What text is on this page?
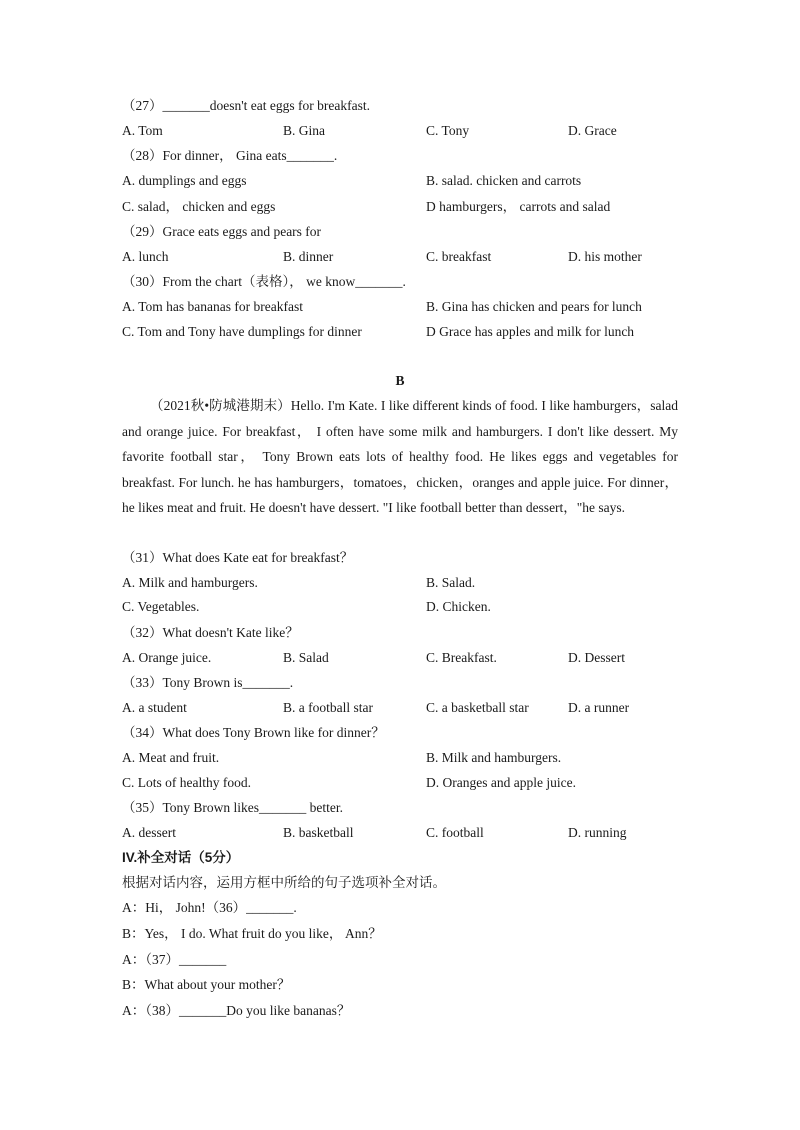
（27）_______doesn't eat eggs for breakfast.
A. Tom	B. Gina	C. Tony	D. Grace
（28）For dinner， Gina eats_______.
A. dumplings and eggs	B. salad. chicken and carrots
C. salad， chicken and eggs	D hamburgers， carrots and salad
（29）Grace eats eggs and pears for
A. lunch	B. dinner	C. breakfast	D. his mother
（30）From the chart（表格）， we know_______.
A. Tom has bananas for breakfast	B. Gina has chicken and pears for lunch
C. Tom and Tony have dumplings for dinner	D Grace has apples and milk for lunch
B
（2021秋•防城港期末）Hello. I'm Kate. I like different kinds of food. I like hamburgers，salad and orange juice. For breakfast， I often have some milk and hamburgers. I don't like dessert. My favorite football star， Tony Brown eats lots of healthy food. He likes eggs and vegetables for breakfast. For lunch. he has hamburgers，tomatoes，chicken，oranges and apple juice. For dinner， he likes meat and fruit. He doesn't have dessert. "I like football better than dessert，"he says.
（31）What does Kate eat for breakfast？
A. Milk and hamburgers.	B. Salad.
C. Vegetables.	D. Chicken.
（32）What doesn't Kate like？
A. Orange juice.	B. Salad	C. Breakfast.	D. Dessert
（33）Tony Brown is_______.
A. a student	B. a football star	C. a basketball star	D. a runner
（34）What does Tony Brown like for dinner？
A. Meat and fruit.	B. Milk and hamburgers.
C. Lots of healthy food.	D. Oranges and apple juice.
（35）Tony Brown likes_______ better.
A. dessert	B. basketball	C. football	D. running
IV.补全对话（5分）
根据对话内容，运用方框中所给的句子选项补全对话。
A：Hi， John!（36）_______.
B：Yes， I do. What fruit do you like， Ann？
A：（37）_______
B：What about your mother？
A：（38）_______Do you like bananas？
